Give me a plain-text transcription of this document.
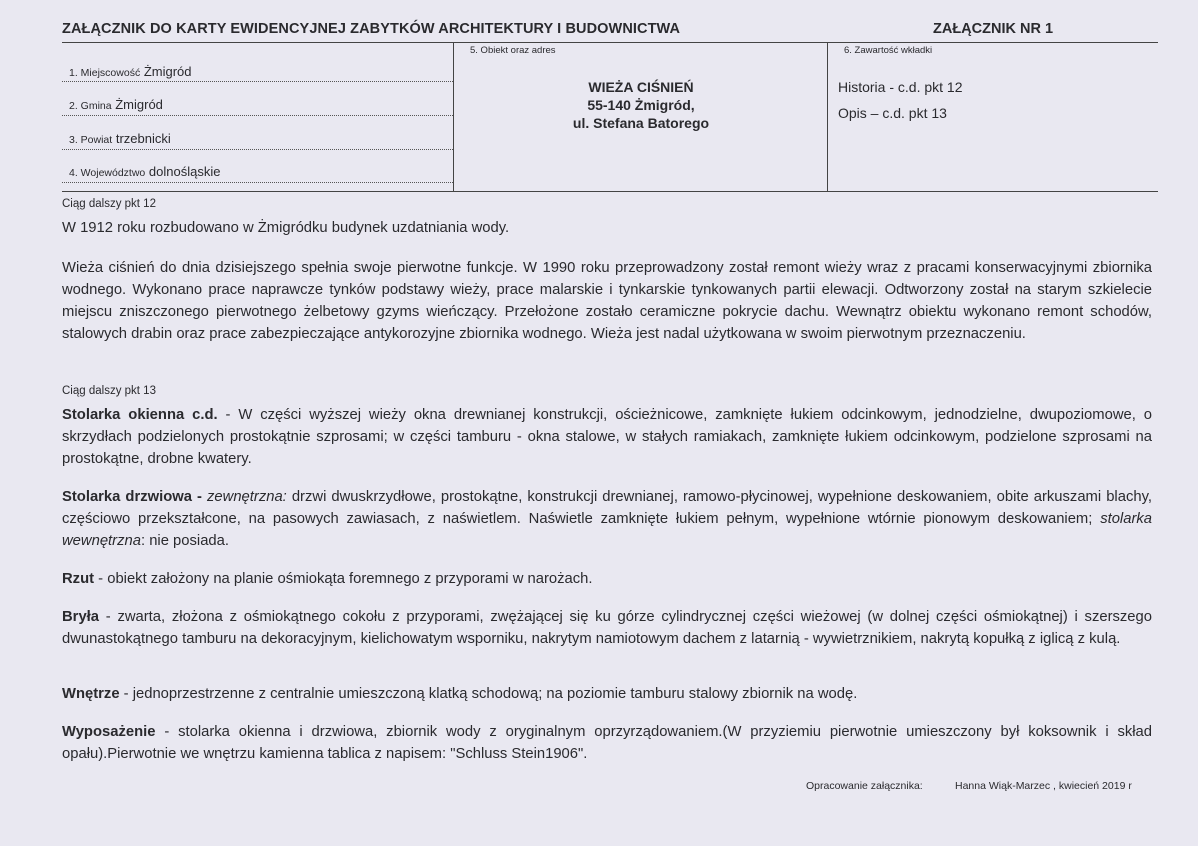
ZAŁĄCZNIK DO KARTY EWIDENCYJNEJ ZABYTKÓW ARCHITEKTURY I BUDOWNICTWA	ZAŁĄCZNIK NR 1
1. Miejscowość Żmigród
2. Gmina Żmigród
3. Powiat trzebnicki
4. Województwo dolnośląskie
5. Obiekt oraz adres
WIEŻA CIŚNIEŃ
55-140 Żmigród,
ul. Stefana Batorego
6. Zawartość wkładki
Historia - c.d. pkt 12
Opis – c.d. pkt 13
Ciąg dalszy pkt 12
W 1912 roku rozbudowano w Żmigródku budynek uzdatniania wody.
Wieża ciśnień do dnia dzisiejszego spełnia swoje pierwotne funkcje. W 1990 roku przeprowadzony został remont wieży wraz z pracami konserwacyjnymi zbiornika wodnego. Wykonano prace naprawcze tynków podstawy wieży, prace malarskie i tynkarskie tynkowanych partii elewacji. Odtworzony został na starym szkielecie miejscu zniszczonego pierwotnego żelbetowy gzyms wieńczący. Przełożone zostało ceramiczne pokrycie dachu. Wewnątrz obiektu wykonano remont schodów, stalowych drabin oraz prace zabezpieczające antykorozyjne zbiornika wodnego. Wieża jest nadal użytkowana w swoim pierwotnym przeznaczeniu.
Ciąg dalszy pkt 13
Stolarka okienna c.d. - W części wyższej wieży okna drewnianej konstrukcji, ościeżnicowe, zamknięte łukiem odcinkowym, jednodzielne, dwupoziomowe, o skrzydłach podzielonych prostokątnie szprosami; w części tamburu - okna stalowe, w stałych ramiakach, zamknięte łukiem odcinkowym, podzielone szprosami na prostokątne, drobne kwatery.
Stolarka drzwiowa - zewnętrzna: drzwi dwuskrzydłowe, prostokątne, konstrukcji drewnianej, ramowo-płycinowej, wypełnione deskowaniem, obite arkuszami blachy, częściowo przekształcone, na pasowych zawiasach, z naświetlem. Naświetle zamknięte łukiem pełnym, wypełnione wtórnie pionowym deskowaniem; stolarka wewnętrzna: nie posiada.
Rzut - obiekt założony na planie ośmiokąta foremnego z przyporami w narożach.
Bryła - zwarta, złożona z ośmiokątnego cokołu z przyporami, zwężającej się ku górze cylindrycznej części wieżowej (w dolnej części ośmiokątnej) i szerszego dwunastokątnego tamburu na dekoracyjnym, kielichowatym wsporniku, nakrytym namiotowym dachem z latarnią - wywietrznikiem, nakrytą kopułką z iglicą z kulą.
Wnętrze - jednoprzestrzenne z centralnie umieszczoną klatką schodową; na poziomie tamburu stalowy zbiornik na wodę.
Wyposażenie - stolarka okienna i drzwiowa, zbiornik wody z oryginalnym oprzyrządowaniem.(W przyziemiu pierwotnie umieszczony był koksownik i skład opału).Pierwotnie we wnętrzu kamienna tablica z napisem: "Schluss Stein1906".
Opracowanie załącznika:	Hanna Wiąk-Marzec , kwiecień 2019 r
